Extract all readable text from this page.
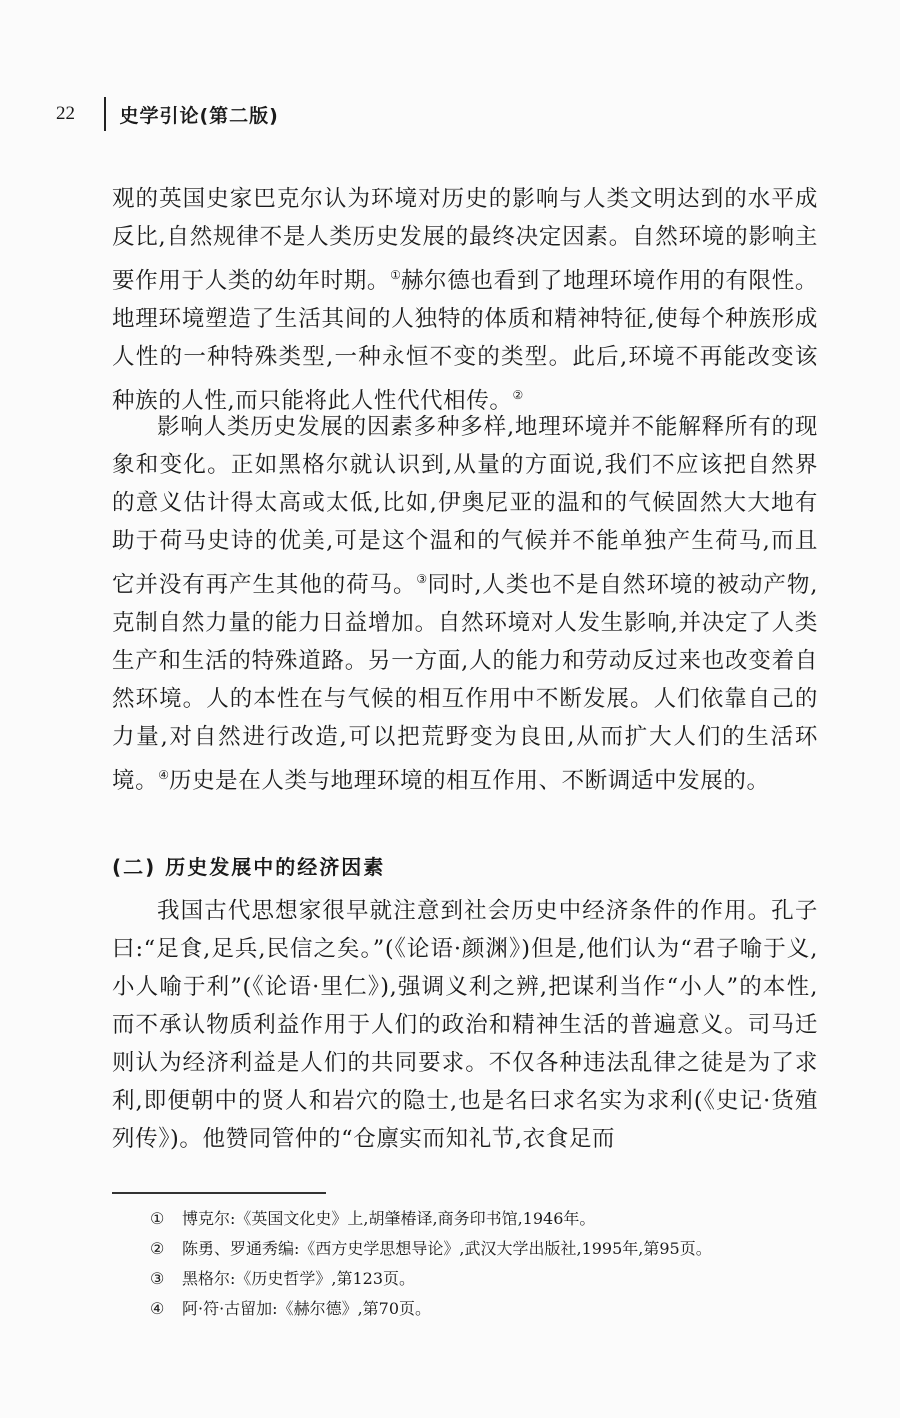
22	史学引论(第二版)

观的英国史家巴克尔认为环境对历史的影响与人类文明达到的水平成反比,自然规律不是人类历史发展的最终决定因素。自然环境的影响主要作用于人类的幼年时期。①赫尔德也看到了地理环境作用的有限性。地理环境塑造了生活其间的人独特的体质和精神特征,使每个种族形成人性的一种特殊类型,一种永恒不变的类型。此后,环境不再能改变该种族的人性,而只能将此人性代代相传。②

影响人类历史发展的因素多种多样,地理环境并不能解释所有的现象和变化。正如黑格尔就认识到,从量的方面说,我们不应该把自然界的意义估计得太高或太低,比如,伊奥尼亚的温和的气候固然大大地有助于荷马史诗的优美,可是这个温和的气候并不能单独产生荷马,而且它并没有再产生其他的荷马。③同时,人类也不是自然环境的被动产物,克制自然力量的能力日益增加。自然环境对人发生影响,并决定了人类生产和生活的特殊道路。另一方面,人的能力和劳动反过来也改变着自然环境。人的本性在与气候的相互作用中不断发展。人们依靠自己的力量,对自然进行改造,可以把荒野变为良田,从而扩大人们的生活环境。④历史是在人类与地理环境的相互作用、不断调适中发展的。

(二) 历史发展中的经济因素

我国古代思想家很早就注意到社会历史中经济条件的作用。孔子曰:“足食,足兵,民信之矣。”(《论语·颜渊》)但是,他们认为“君子喻于义,小人喻于利”(《论语·里仁》),强调义利之辨,把谋利当作“小人”的本性,而不承认物质利益作用于人们的政治和精神生活的普遍意义。司马迁则认为经济利益是人们的共同要求。不仅各种违法乱律之徒是为了求利,即便朝中的贤人和岩穴的隐士,也是名曰求名实为求利(《史记·货殖列传》)。他赞同管仲的“仓廪实而知礼节,衣食足而

①	博克尔:《英国文化史》上,胡肇椿译,商务印书馆,1946年。
②	陈勇、罗通秀编:《西方史学思想导论》,武汉大学出版社,1995年,第95页。
③	黑格尔:《历史哲学》,第123页。
④	阿·符·古留加:《赫尔德》,第70页。
